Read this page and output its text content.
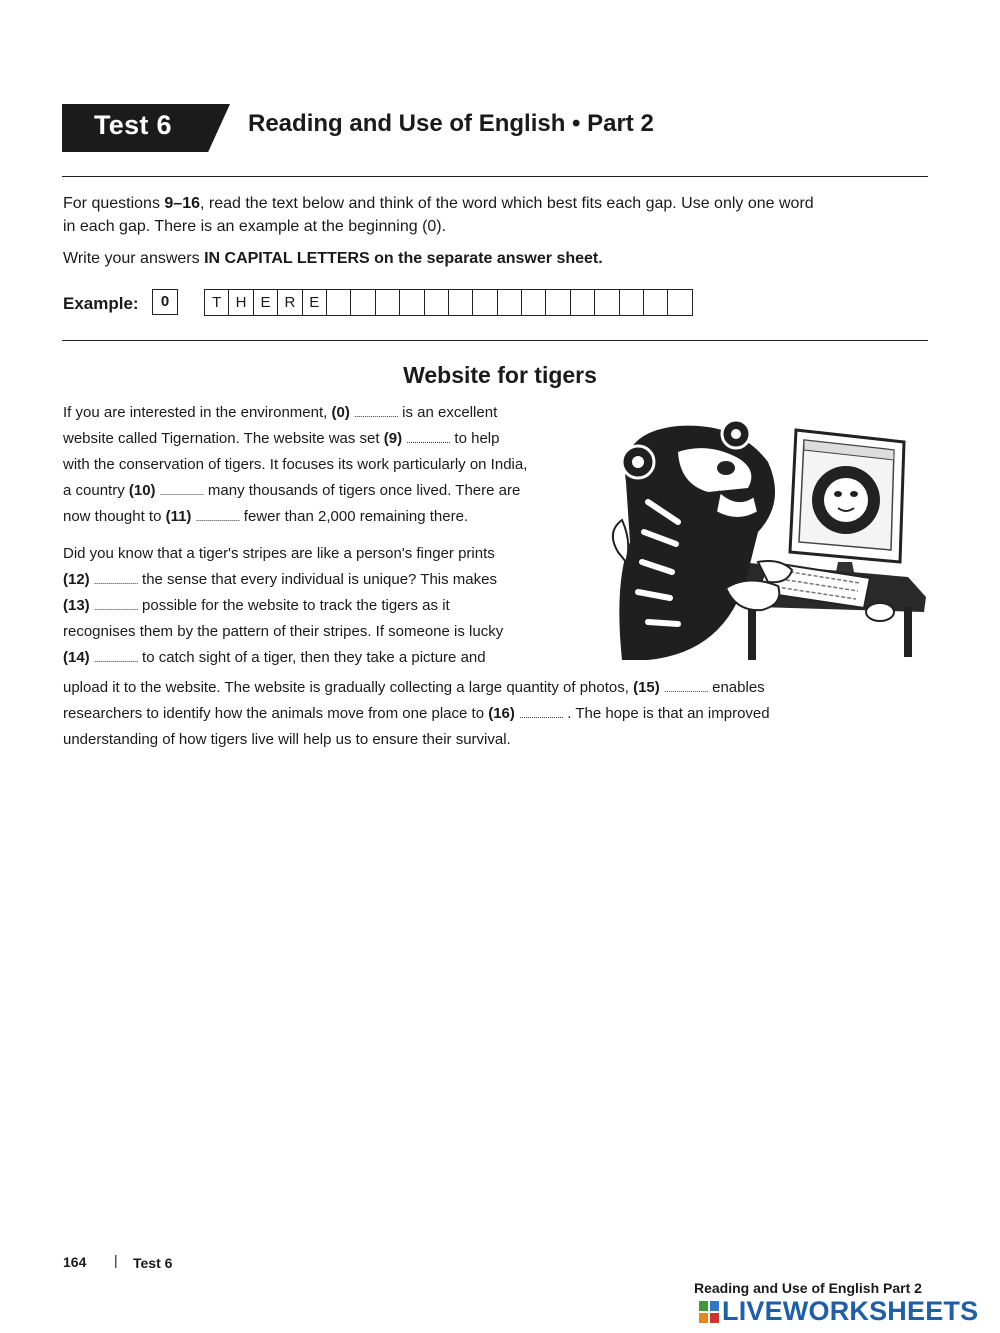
Test 6	Reading and Use of English • Part 2
For questions 9–16, read the text below and think of the word which best fits each gap. Use only one word
in each gap. There is an example at the beginning (0).
Write your answers IN CAPITAL LETTERS on the separate answer sheet.
Example:	0	T H E R E
Website for tigers
If you are interested in the environment, (0) ...................... is an excellent
website called Tigernation. The website was set (9) ...................... to help
with the conservation of tigers. It focuses its work particularly on India,
a country (10) ...................... many thousands of tigers once lived. There are
now thought to (11) ...................... fewer than 2,000 remaining there.
Did you know that a tiger's stripes are like a person's finger prints
(12) ...................... the sense that every individual is unique? This makes
(13) ...................... possible for the website to track the tigers as it
recognises them by the pattern of their stripes. If someone is lucky
(14) ...................... to catch sight of a tiger, then they take a picture and
upload it to the website. The website is gradually collecting a large quantity of photos, (15) ...................... enables
researchers to identify how the animals move from one place to (16) ...................... . The hope is that an improved
understanding of how tigers live will help us to ensure their survival.
164 | Test 6
Reading and Use of English Part 2
LIVEWORKSHEETS
